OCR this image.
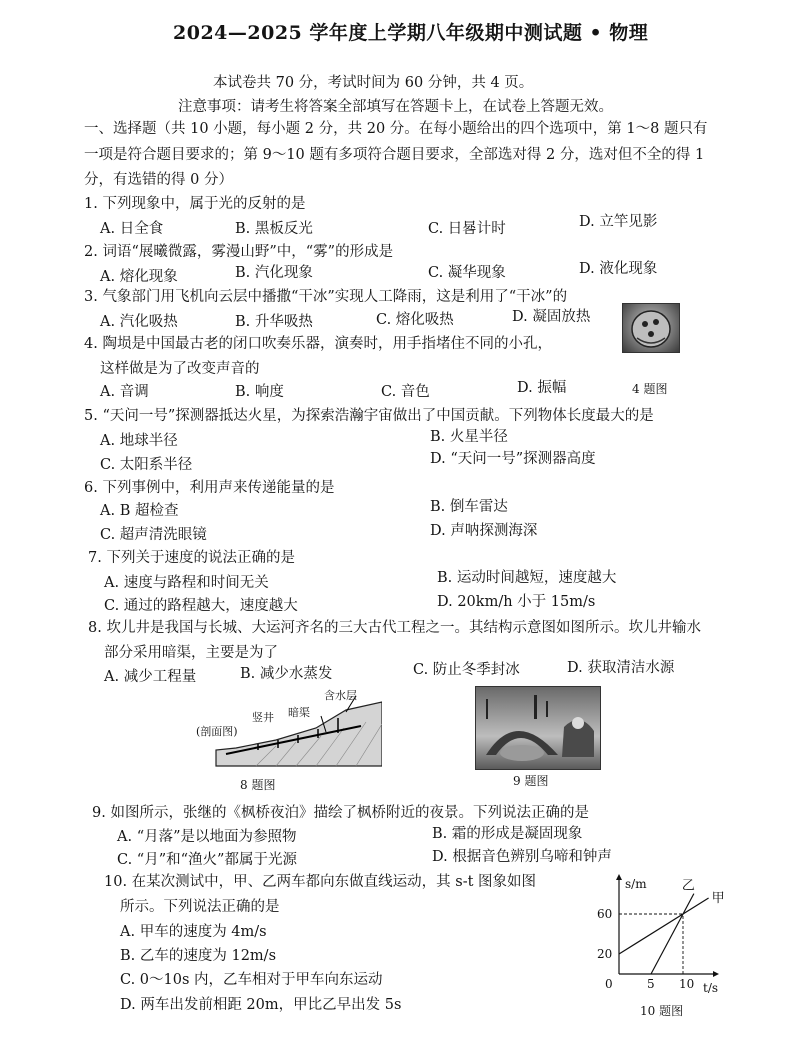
2024—2025 学年度上学期八年级期中测试题 • 物理
本试卷共 70 分，考试时间为 60 分钟，共 4 页。
注意事项：请考生将答案全部填写在答题卡上，在试卷上答题无效。
一、选择题（共 10 小题，每小题 2 分，共 20 分。在每小题给出的四个选项中，第 1～8 题只有
一项是符合题目要求的；第 9～10 题有多项符合题目要求，全部选对得 2 分，选对但不全的得 1
分，有选错的得 0 分）
1. 下列现象中，属于光的反射的是
A. 日全食	B. 黑板反光	C. 日晷计时	D. 立竿见影
2. 词语“展曦微露，雾漫山野”中，“雾”的形成是
A. 熔化现象	B. 汽化现象	C. 凝华现象	D. 液化现象
3. 气象部门用飞机向云层中播撒“干冰”实现人工降雨，这是利用了“干冰”的
A. 汽化吸热	B. 升华吸热	C. 熔化吸热	D. 凝固放热
4. 陶埙是中国最古老的闭口吹奏乐器，演奏时，用手指堵住不同的小孔，
这样做是为了改变声音的
A. 音调	B. 响度	C. 音色	D. 振幅	4 题图
5. “天问一号”探测器抵达火星，为探索浩瀚宇宙做出了中国贡献。下列物体长度最大的是
A. 地球半径	B. 火星半径
C. 太阳系半径	D. “天问一号”探测器高度
6. 下列事例中，利用声来传递能量的是
A. B 超检查	B. 倒车雷达
C. 超声清洗眼镜	D. 声呐探测海深
7. 下列关于速度的说法正确的是
A. 速度与路程和时间无关	B. 运动时间越短，速度越大
C. 通过的路程越大，速度越大	D. 20km/h 小于 15m/s
8. 坎儿井是我国与长城、大运河齐名的三大古代工程之一。其结构示意图如图所示。坎儿井输水
部分采用暗渠，主要是为了
A. 减少工程量	B. 减少水蒸发	C. 防止冬季封冰	D. 获取清洁水源
(剖面图)
竖井 暗渠
含水层
8 题图	9 题图
9. 如图所示，张继的《枫桥夜泊》描绘了枫桥附近的夜景。下列说法正确的是
A. “月落”是以地面为参照物	B. 霜的形成是凝固现象
C. “月”和“渔火”都属于光源	D. 根据音色辨别乌啼和钟声
10. 在某次测试中，甲、乙两车都向东做直线运动，其 s-t 图象如图
所示。下列说法正确的是
A. 甲车的速度为 4m/s
B. 乙车的速度为 12m/s
C. 0～10s 内，乙车相对于甲车向东运动
D. 两车出发前相距 20m，甲比乙早出发 5s
甲
乙
0	5 10
20
60
s/m
t/s
10 题图
